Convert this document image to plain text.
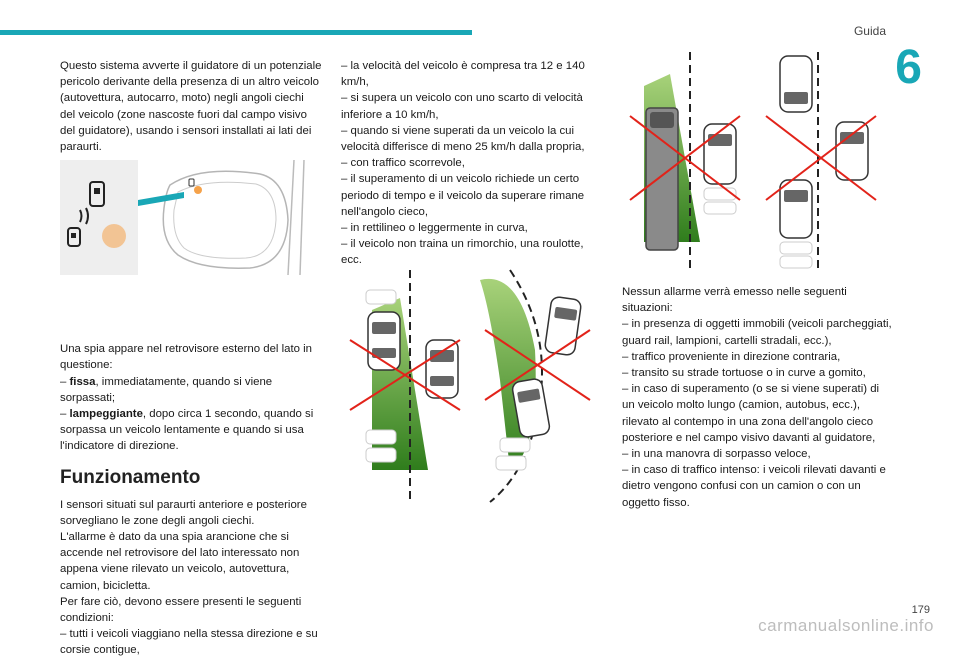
Guida
6

Questo sistema avverte il guidatore di un potenziale pericolo derivante della presenza di un altro veicolo (autovettura, autocarro, moto) negli angoli ciechi del veicolo (zone nascoste fuori dal campo visivo del guidatore), usando i sensori installati ai lati dei paraurti.

Una spia appare nel retrovisore esterno del lato in questione:

– fissa, immediatamente, quando si viene sorpassati;

– lampeggiante, dopo circa 1 secondo, quando si sorpassa un veicolo lentamente e quando si usa l'indicatore di direzione.

Funzionamento

I sensori situati sul paraurti anteriore e posteriore sorvegliano le zone degli angoli ciechi.

L'allarme è dato da una spia arancione che si accende nel retrovisore del lato interessato non appena viene rilevato un veicolo, autovettura, camion, bicicletta.

Per fare ciò, devono essere presenti le seguenti condizioni:

– tutti i veicoli viaggiano nella stessa direzione e su corsie contigue,

– la velocità del veicolo è compresa tra 12 e 140 km/h,

– si supera un veicolo con uno scarto di velocità inferiore a 10 km/h,

– quando si viene superati da un veicolo la cui velocità differisce di meno 25 km/h dalla propria,

– con traffico scorrevole,

– il superamento di un veicolo richiede un certo periodo di tempo e il veicolo da superare rimane nell'angolo cieco,

– in rettilineo o leggermente in curva,

– il veicolo non traina un rimorchio, una roulotte, ecc.

Nessun allarme verrà emesso nelle seguenti situazioni:

– in presenza di oggetti immobili (veicoli parcheggiati, guard rail, lampioni, cartelli stradali, ecc.),

– traffico proveniente in direzione contraria,

– transito su strade tortuose o in curve a gomito,

– in caso di superamento (o se si viene superati) di un veicolo molto lungo (camion, autobus, ecc.), rilevato al contempo in una zona dell'angolo cieco posteriore e nel campo visivo davanti al guidatore,

– in una manovra di sorpasso veloce,

– in caso di traffico intenso: i veicoli rilevati davanti e dietro vengono confusi con un camion o con un oggetto fisso.

179
carmanualsonline.info
